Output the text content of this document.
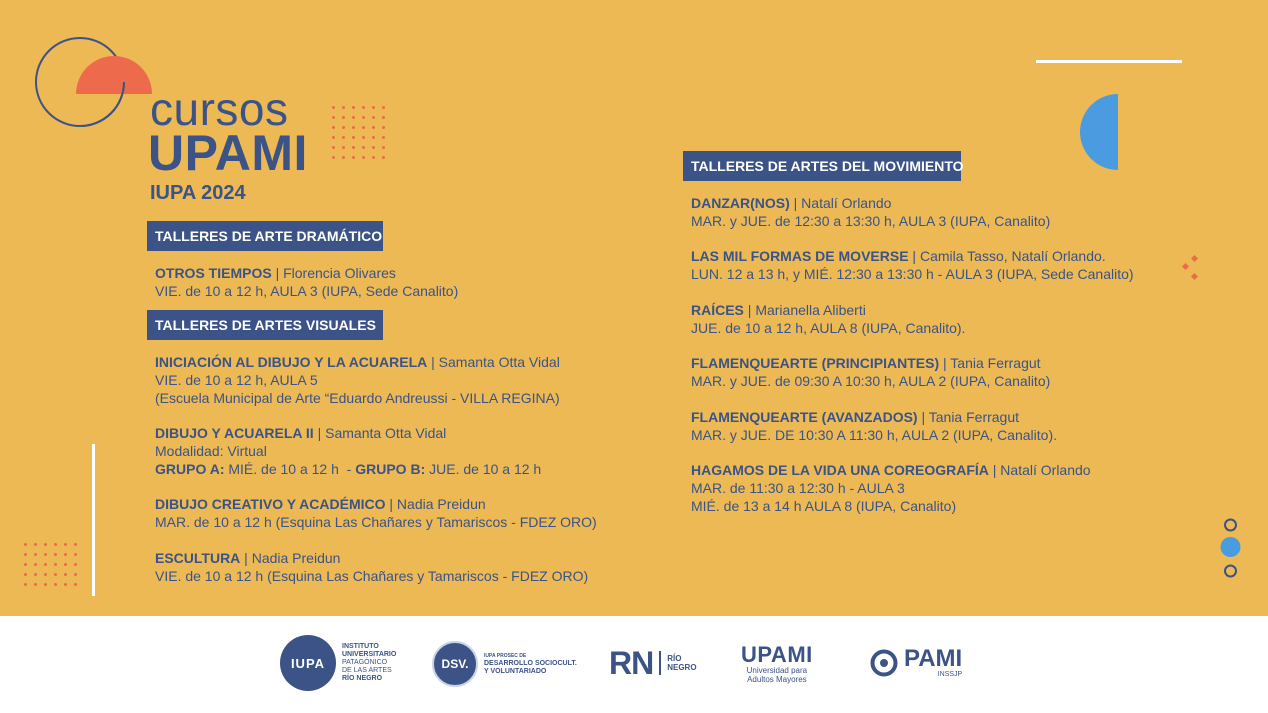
cursos
UPAMI
IUPA 2024
TALLERES DE ARTE DRAMÁTICO
OTROS TIEMPOS | Florencia Olivares
VIE. de 10 a 12 h, AULA 3 (IUPA, Sede Canalito)
TALLERES DE ARTES VISUALES
INICIACIÓN AL DIBUJO Y LA ACUARELA | Samanta Otta Vidal
VIE. de 10 a 12 h, AULA 5
(Escuela Municipal de Arte “Eduardo Andreussi - VILLA REGINA)
DIBUJO Y ACUARELA II | Samanta Otta Vidal
Modalidad: Virtual
GRUPO A: MIÉ. de 10 a 12 h  - GRUPO B: JUE. de 10 a 12 h
DIBUJO CREATIVO Y ACADÉMICO | Nadia Preidun
MAR. de 10 a 12 h (Esquina Las Chañares y Tamariscos - FDEZ ORO)
ESCULTURA | Nadia Preidun
VIE. de 10 a 12 h (Esquina Las Chañares y Tamariscos - FDEZ ORO)
TALLERES DE ARTES DEL MOVIMIENTO
DANZAR(NOS) | Natalí Orlando
MAR. y JUE. de 12:30 a 13:30 h, AULA 3 (IUPA, Canalito)
LAS MIL FORMAS DE MOVERSE | Camila Tasso, Natalí Orlando.
LUN. 12 a 13 h, y MIÉ. 12:30 a 13:30 h - AULA 3 (IUPA, Sede Canalito)
RAÍCES | Marianella Aliberti
JUE. de 10 a 12 h, AULA 8 (IUPA, Canalito).
FLAMENQUEARTE (PRINCIPIANTES) | Tania Ferragut
MAR. y JUE. de 09:30 A 10:30 h, AULA 2 (IUPA, Canalito)
FLAMENQUEARTE (AVANZADOS) | Tania Ferragut
MAR. y JUE. DE 10:30 A 11:30 h, AULA 2 (IUPA, Canalito).
HAGAMOS DE LA VIDA UNA COREOGRAFÍA | Natalí Orlando
MAR. de 11:30 a 12:30 h - AULA 3
MIÉ. de 13 a 14 h AULA 8 (IUPA, Canalito)
IUPA
INSTITUTO
UNIVERSITARIO
PATAGÓNICO
DE LAS ARTES
RÍO NEGRO
DSV.
IUPA PROSEC DE
DESARROLLO SOCIOCULT.
Y VOLUNTARIADO	RN RÍO
NEGRO
UPAMI
Universidad para
Adultos Mayores
PAMI
INSSJP
